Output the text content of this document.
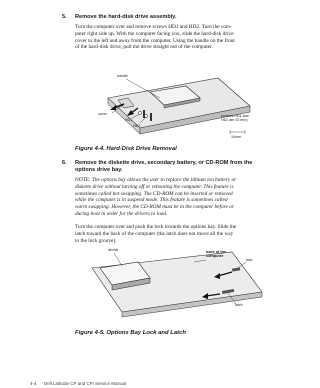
5. Remove the hard-disk drive assembly.
Turn the computer over and remove screws HD1 and HD2. Turn the com-
puter right side up. With the computer facing you, slide the hard-disk drive
cover to the left and away from the computer. Using the handle on the front
of the hard-disk drive, pull the drive straight out of the computer.
handle
cover
HD1
HD2
(screws HD1 and
HD2 are 10 mm)
10mm
Figure 4-4. Hard-Disk Drive Removal
6. Remove the diskette drive, secondary battery, or CD-ROM from the
options drive bay.
NOTE: The options bay allows the user to replace the lithium ion battery or
diskette drive without turning off or rebooting the computer. This feature is
sometimes called hot swapping. The CD-ROM can be inserted or removed
while the computer is in suspend mode. This feature is sometimes called
warm swapping. However, the CD-ROM must be in the computer before or
during boot in order for the drivers to load.
Turn the computer over and push the lock towards the options bay. Slide the
latch toward the back of the computer (the latch does not move all the way
to the lock groove).
device	back of the
computer
lock
latch
Figure 4-5. Options Bay Lock and Latch
4-4      Dell Latitude CP and CPi Service Manual
